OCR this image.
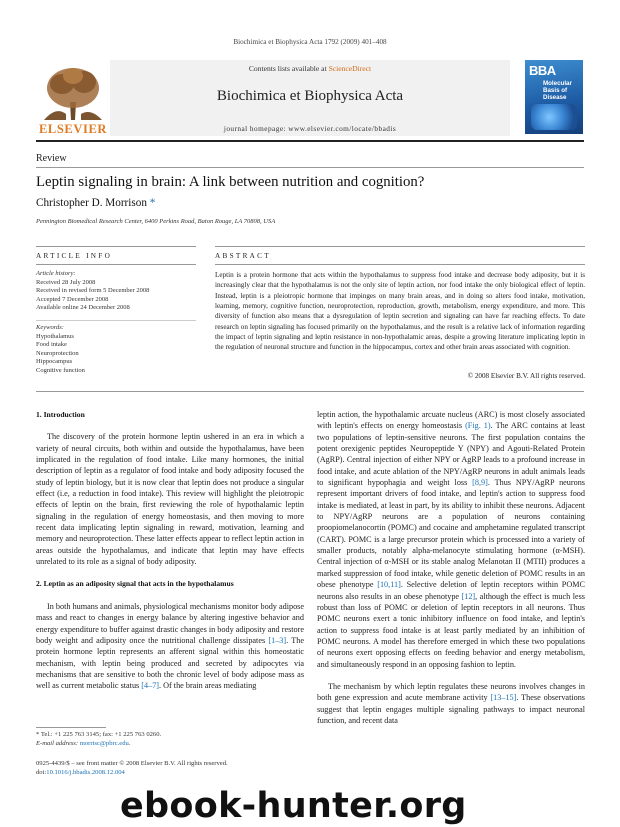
Biochimica et Biophysica Acta 1792 (2009) 401–408
Contents lists available at ScienceDirect
Biochimica et Biophysica Acta
journal homepage: www.elsevier.com/locate/bbadis
ELSEVIER
BBA
Molecular
Basis of
Disease
Review
Leptin signaling in brain: A link between nutrition and cognition?
Christopher D. Morrison *
Pennington Biomedical Research Center, 6400 Perkins Road, Baton Rouge, LA 70808, USA
ARTICLE INFO
Article history:
Received 28 July 2008
Received in revised form 5 December 2008
Accepted 7 December 2008
Available online 24 December 2008
Keywords:
Hypothalamus
Food intake
Neuroprotection
Hippocampus
Cognitive function
ABSTRACT
Leptin is a protein hormone that acts within the hypothalamus to suppress food intake and decrease body adiposity, but it is increasingly clear that the hypothalamus is not the only site of leptin action, nor food intake the only biological effect of leptin. Instead, leptin is a pleiotropic hormone that impinges on many brain areas, and in doing so alters food intake, motivation, learning, memory, cognitive function, neuroprotection, reproduction, growth, metabolism, energy expenditure, and more. This diversity of function also means that a dysregulation of leptin secretion and signaling can have far reaching effects. To date research on leptin signaling has focused primarily on the hypothalamus, and the result is a relative lack of information regarding the impact of leptin signaling and leptin resistance in non-hypothalamic areas, despite a growing literature implicating leptin in the regulation of neuronal structure and function in the hippocampus, cortex and other brain areas associated with cognition.
© 2008 Elsevier B.V. All rights reserved.
1. Introduction

The discovery of the protein hormone leptin ushered in an era in which a variety of neural circuits, both within and outside the hypothalamus, have been implicated in the regulation of food intake. Like many hormones, the initial description of leptin as a regulator of food intake and body adiposity focused the study of leptin biology, but it is now clear that leptin does not produce a singular effect (i.e, a reduction in food intake). This review will highlight the pleiotropic effects of leptin on the brain, first reviewing the role of hypothalamic leptin signaling in the regulation of energy homeostasis, and then moving to more recent data implicating leptin signaling in reward, motivation, learning and memory and neuroprotection. These latter effects appear to reflect leptin action in areas outside the hypothalamus, and indicate that leptin may have effects unrelated to its role as a signal of body adiposity.

2. Leptin as an adiposity signal that acts in the hypothalamus

In both humans and animals, physiological mechanisms monitor body adipose mass and react to changes in energy balance by altering ingestive behavior and energy expenditure to buffer against drastic changes in body adiposity and restore body weight and adiposity once the nutritional challenge dissipates [1–3]. The protein hormone leptin represents an afferent signal within this homeostatic mechanism, with leptin being produced and secreted by adipocytes via mechanisms that are sensitive to both the chronic level of body adipose mass as well as current metabolic status [4–7]. Of the brain areas mediating

leptin action, the hypothalamic arcuate nucleus (ARC) is most closely associated with leptin's effects on energy homeostasis (Fig. 1). The ARC contains at least two populations of leptin-sensitive neurons. The first population contains the potent orexigenic peptides Neuropeptide Y (NPY) and Agouti-Related Protein (AgRP). Central injection of either NPY or AgRP leads to a profound increase in food intake, and acute ablation of the NPY/AgRP neurons in adult animals leads to significant hypophagia and weight loss [8,9]. Thus NPY/AgRP neurons represent important drivers of food intake, and leptin's action to suppress food intake is mediated, at least in part, by its ability to inhibit these neurons. Adjacent to NPY/AgRP neurons are a population of neurons containing proopiomelanocortin (POMC) and cocaine and amphetamine regulated transcript (CART). POMC is a large precursor protein which is processed into a variety of smaller products, notably alpha-melanocyte stimulating hormone (α-MSH). Central injection of α-MSH or its stable analog Melanotan II (MTII) produces a marked suppression of food intake, while genetic deletion of POMC results in an obese phenotype [10,11]. Selective deletion of leptin receptors within POMC neurons also results in an obese phenotype [12], although the effect is much less robust than loss of POMC or deletion of leptin receptors in all neurons. Thus POMC neurons exert a tonic inhibitory influence on food intake, and leptin's action to suppress food intake is at least partly mediated by an inhibition of POMC neurons. A model has therefore emerged in which these two populations of neurons exert opposing effects on feeding behavior and energy metabolism, and simultaneously respond in an opposing fashion to leptin.

The mechanism by which leptin regulates these neurons involves changes in both gene expression and acute membrane activity [13–15]. These observations suggest that leptin engages multiple signaling pathways to impact neuronal function, and recent data

* Tel.: +1 225 763 3145; fax: +1 225 763 0260.
E-mail address: morrisc@pbrc.edu.
0925-4439/$ – see front matter © 2008 Elsevier B.V. All rights reserved.
doi:10.1016/j.bbadis.2008.12.004
ebook-hunter.org
